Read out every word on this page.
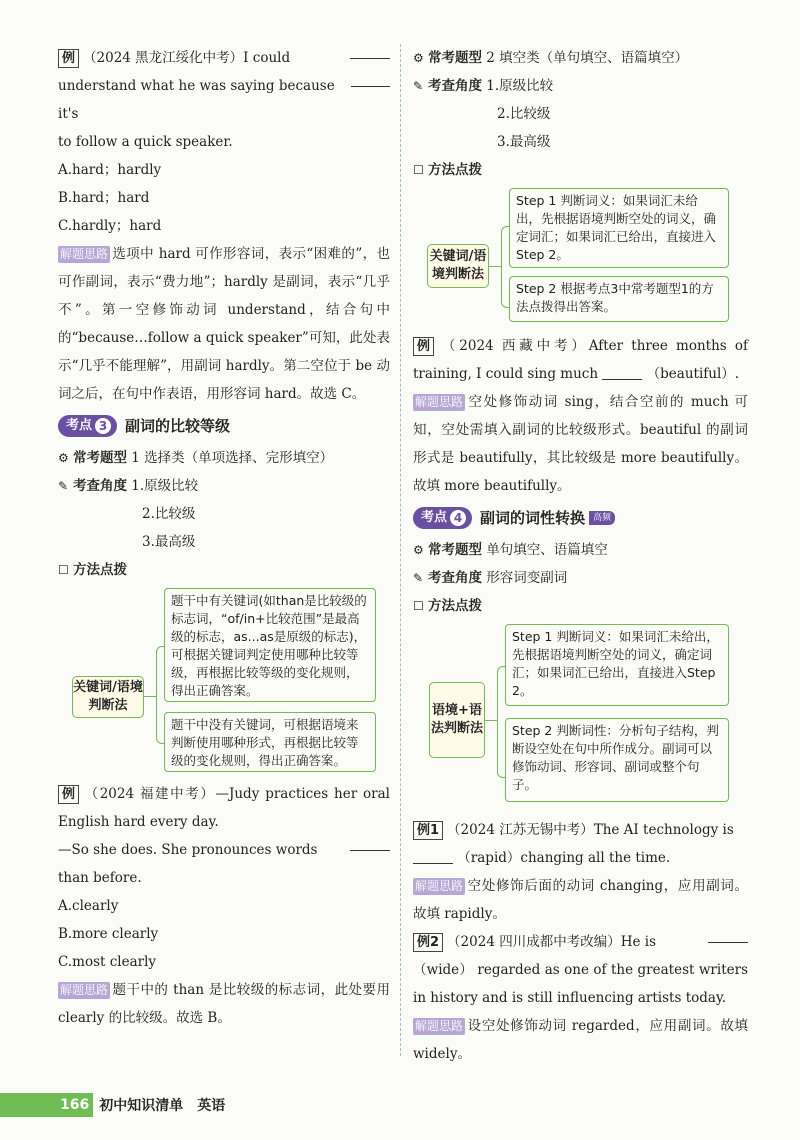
例 （2024 黑龙江绥化中考）I could

understand what he was saying because it's

to follow a quick speaker.

A.hard；hardly

B.hard；hard

C.hardly；hard

解题思路 选项中 hard 可作形容词，表示“困难的”，也可作副词，表示“费力地”；hardly 是副词，表示“几乎不”。第一空修饰动词 understand，结合句中的“because…follow a quick speaker”可知，此处表示“几乎不能理解”，用副词 hardly。第二空位于 be 动词之后，在句中作表语，用形容词 hard。故选 C。

考点 3 副词的比较等级

⚙ 常考题型 1 选择类（单项选择、完形填空）

✎ 考查角度 1.原级比较

2.比较级

3.最高级

☐ 方法点拨

关键词/语境判断法
题干中有关键词(如than是比较级的标志词，“of/in+比较范围”是最高级的标志，as...as是原级的标志)，可根据关键词判定使用哪种比较等级，再根据比较等级的变化规则，得出正确答案。
题干中没有关键词，可根据语境来判断使用哪种形式，再根据比较等级的变化规则，得出正确答案。

例 （2024 福建中考）—Judy practices her oral English hard every day.

—So she does. She pronounces words

than before.

A.clearly

B.more clearly

C.most clearly

解题思路 题干中的 than 是比较级的标志词，此处要用 clearly 的比较级。故选 B。

⚙ 常考题型 2 填空类（单句填空、语篇填空）

✎ 考查角度 1.原级比较

2.比较级

3.最高级

☐ 方法点拨

关键词/语境判断法
Step 1 判断词义：如果词汇未给出，先根据语境判断空处的词义，确定词汇；如果词汇已给出，直接进入Step 2。
Step 2 根据考点3中常考题型1的方法点拨得出答案。

例 （2024 西藏中考）After three months of training, I could sing much	（beautiful）.

解题思路 空处修饰动词 sing，结合空前的 much 可知，空处需填入副词的比较级形式。beautiful 的副词形式是 beautifully，其比较级是 more beautifully。故填 more beautifully。

考点 4 副词的词性转换 高频

⚙ 常考题型 单句填空、语篇填空

✎ 考查角度 形容词变副词

☐ 方法点拨

语境+语法判断法
Step 1 判断词义：如果词汇未给出，先根据语境判断空处的词义，确定词汇；如果词汇已给出，直接进入Step 2。
Step 2 判断词性：分析句子结构，判断设空处在句中所作成分。副词可以修饰动词、形容词、副词或整个句子。

例1 （2024 江苏无锡中考）The AI technology is

（rapid）changing all the time.

解题思路 空处修饰后面的动词 changing，应用副词。故填 rapidly。

例2 （2024 四川成都中考改编）He is

（wide） regarded as one of the greatest writers in history and is still influencing artists today.

解题思路 设空处修饰动词 regarded，应用副词。故填 widely。

166 初中知识清单　英语
